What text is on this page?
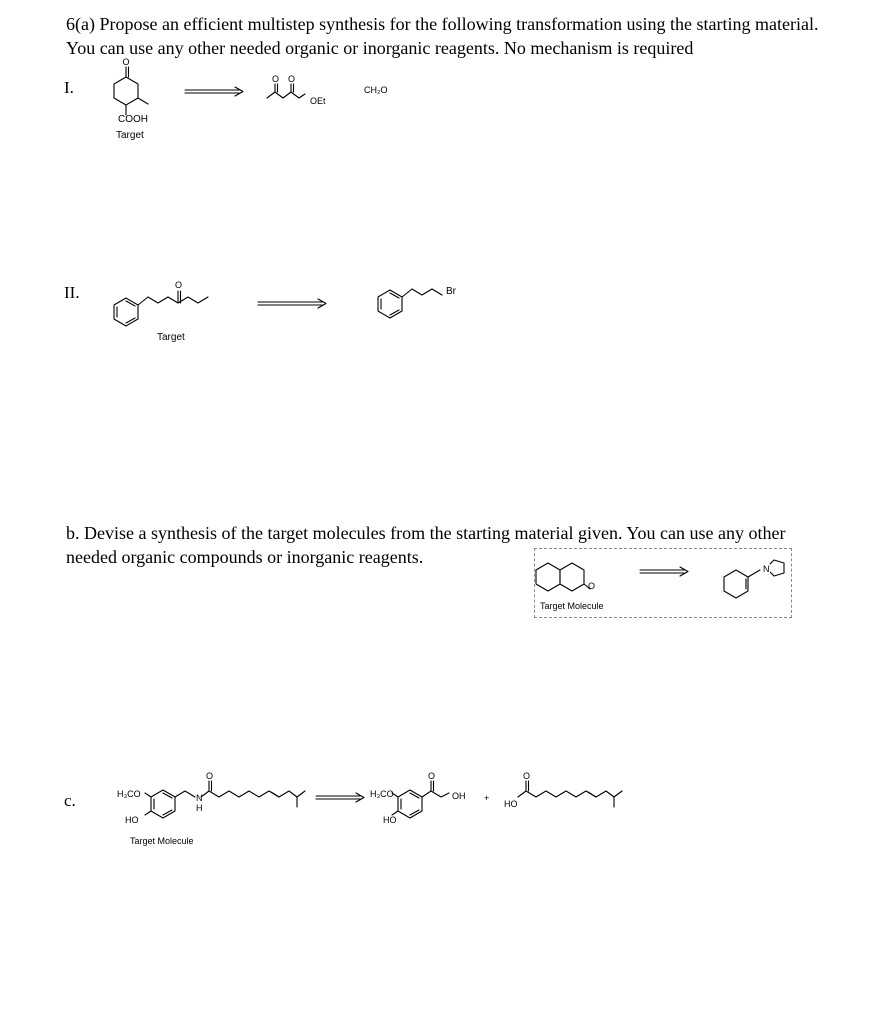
6(a) Propose an efficient multistep synthesis for the following transformation using the starting material.
You can use any other needed organic or inorganic reagents. No mechanism is required
I.
O
COOH
Target
O O
OEt
CH₂O
II.	O
Target
Br
b. Devise a synthesis of the target molecules from the starting material given. You can use any other
needed organic compounds or inorganic reagents.
O
Target Molecule
N
c.
O
H₃CO
HO
N
H
Target Molecule
O
H₃CO
HO
OH +
O
HO
